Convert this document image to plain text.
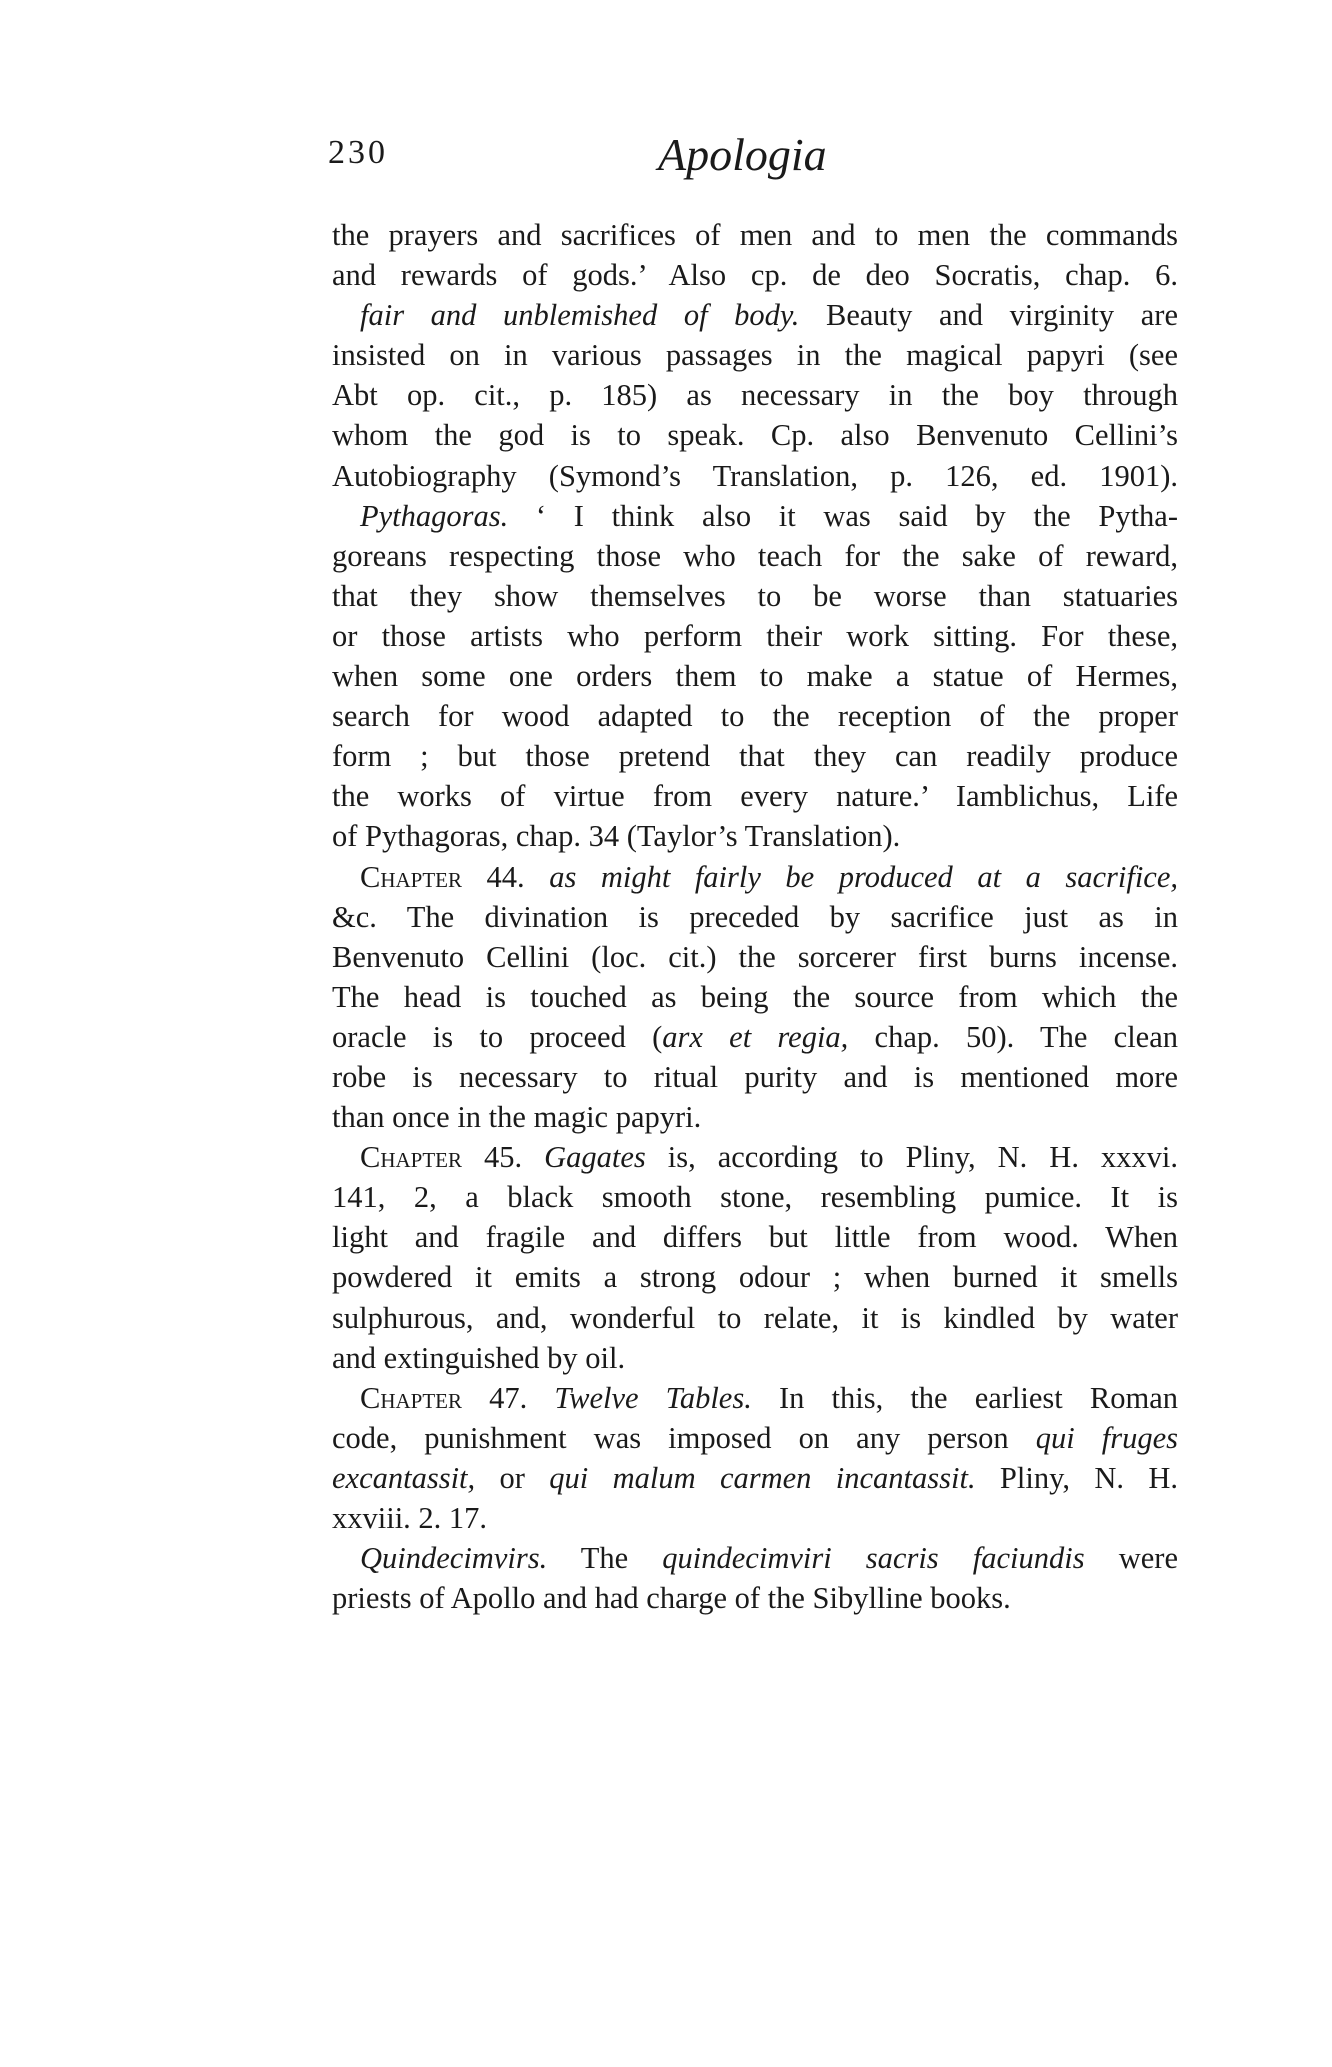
230	Apologia
the prayers and sacrifices of men and to men the commands
and rewards of gods.’ Also cp. de deo Socratis, chap. 6.
fair and unblemished of body. Beauty and virginity are
insisted on in various passages in the magical papyri (see
Abt op. cit., p. 185) as necessary in the boy through
whom the god is to speak. Cp. also Benvenuto Cellini’s
Autobiography (Symond’s Translation, p. 126, ed. 1901).
Pythagoras. ‘ I think also it was said by the Pytha-
goreans respecting those who teach for the sake of reward,
that they show themselves to be worse than statuaries
or those artists who perform their work sitting. For these,
when some one orders them to make a statue of Hermes,
search for wood adapted to the reception of the proper
form ; but those pretend that they can readily produce
the works of virtue from every nature.’ Iamblichus, Life
of Pythagoras, chap. 34 (Taylor’s Translation).
Chapter 44. as might fairly be produced at a sacrifice,
&c. The divination is preceded by sacrifice just as in
Benvenuto Cellini (loc. cit.) the sorcerer first burns incense.
The head is touched as being the source from which the
oracle is to proceed (arx et regia, chap. 50). The clean
robe is necessary to ritual purity and is mentioned more
than once in the magic papyri.
Chapter 45. Gagates is, according to Pliny, N. H. xxxvi.
141, 2, a black smooth stone, resembling pumice. It is
light and fragile and differs but little from wood. When
powdered it emits a strong odour ; when burned it smells
sulphurous, and, wonderful to relate, it is kindled by water
and extinguished by oil.
Chapter 47. Twelve Tables. In this, the earliest Roman
code, punishment was imposed on any person qui fruges
excantassit, or qui malum carmen incantassit. Pliny, N. H.
xxviii. 2. 17.
Quindecimvirs. The quindecimviri sacris faciundis were
priests of Apollo and had charge of the Sibylline books.
